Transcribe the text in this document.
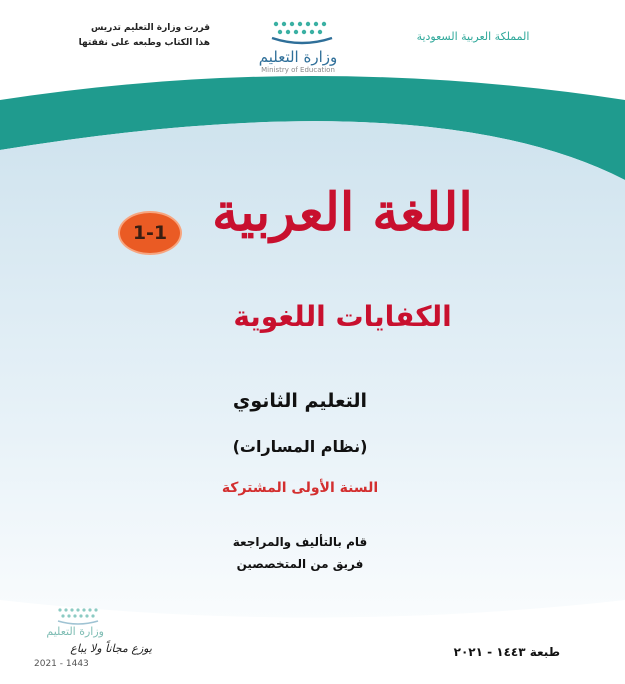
المملكة العربية السعودية
قررت وزارة التعليم تدريس
هذا الكتاب وطبعه على نفقتها
وزارة التعليم
Ministry of Education
اللغة العربية
1-1
الكفايات اللغوية
التعليم الثانوي
(نظام المسارات)
السنة الأولى المشتركة
قام بالتأليف والمراجعة
فريق من المتخصصين
طبعة ١٤٤٣ - ٢٠٢١
وزارة التعليم
يوزع مجاناً ولا يباع
2021 - 1443
